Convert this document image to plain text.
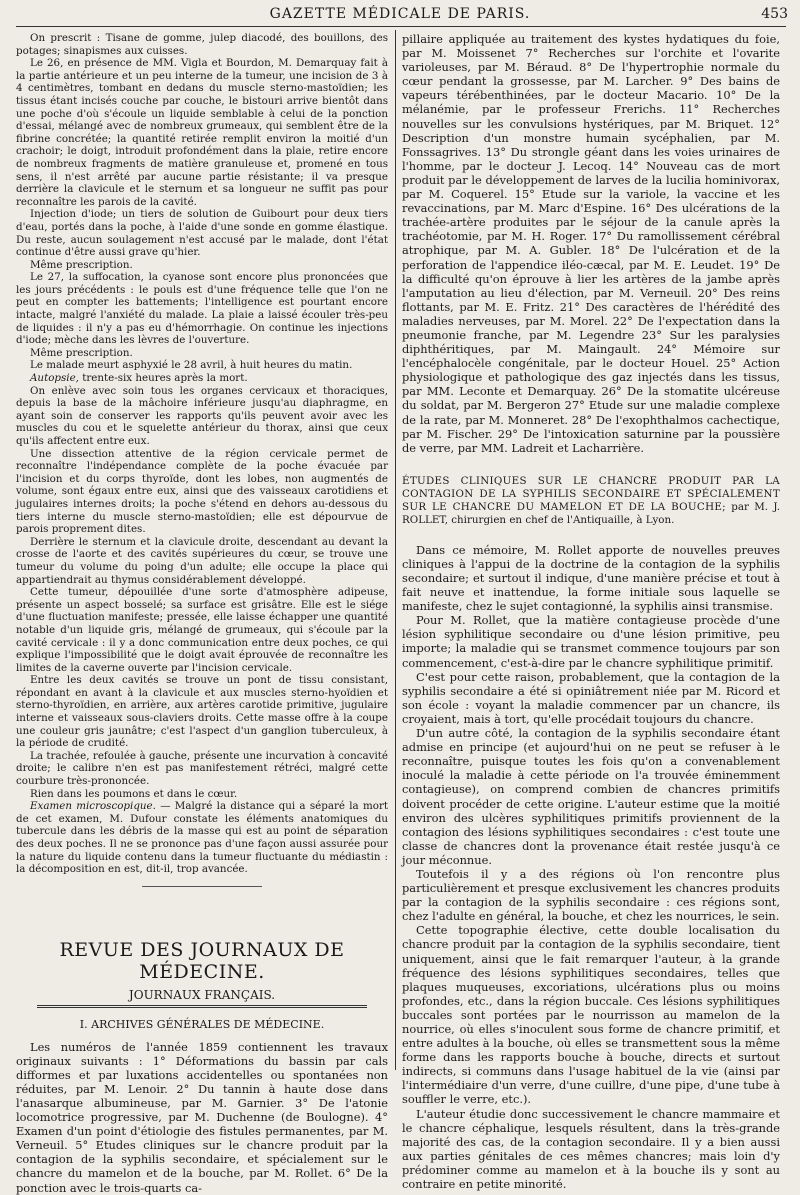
GAZETTE MÉDICALE DE PARIS.	453

On prescrit : Tisane de gomme, julep diacodé, des bouillons, des potages; sinapismes aux cuisses.

Le 26, en présence de MM. Vigla et Bourdon, M. Demarquay fait à la partie antérieure et un peu interne de la tumeur, une incision de 3 à 4 centimètres, tombant en dedans du muscle sterno-mastoïdien; les tissus étant incisés couche par couche, le bistouri arrive bientôt dans une poche d'où s'écoule un liquide semblable à celui de la ponction d'essai, mélangé avec de nombreux grumeaux, qui semblent être de la fibrine concrétée; la quantité retirée remplit environ la moitié d'un crachoir; le doigt, introduit profondément dans la plaie, retire encore de nombreux fragments de matière granuleuse et, promené en tous sens, il n'est arrêté par aucune partie résistante; il va presque derrière la clavicule et le sternum et sa longueur ne suffit pas pour reconnaître les parois de la cavité.

Injection d'iode; un tiers de solution de Guibourt pour deux tiers d'eau, portés dans la poche, à l'aide d'une sonde en gomme élastique. Du reste, aucun soulagement n'est accusé par le malade, dont l'état continue d'être aussi grave qu'hier.

Même prescription.

Le 27, la suffocation, la cyanose sont encore plus prononcées que les jours précédents : le pouls est d'une fréquence telle que l'on ne peut en compter les battements; l'intelligence est pourtant encore intacte, malgré l'anxiété du malade. La plaie a laissé écouler très-peu de liquides : il n'y a pas eu d'hémorrhagie. On continue les injections d'iode; mèche dans les lèvres de l'ouverture.

Même prescription.

Le malade meurt asphyxié le 28 avril, à huit heures du matin.

Autopsie, trente-six heures après la mort.

On enlève avec soin tous les organes cervicaux et thoraciques, depuis la base de la mâchoire inférieure jusqu'au diaphragme, en ayant soin de conserver les rapports qu'ils peuvent avoir avec les muscles du cou et le squelette antérieur du thorax, ainsi que ceux qu'ils affectent entre eux.

Une dissection attentive de la région cervicale permet de reconnaître l'indépendance complète de la poche évacuée par l'incision et du corps thyroïde, dont les lobes, non augmentés de volume, sont égaux entre eux, ainsi que des vaisseaux carotidiens et jugulaires internes droits; la poche s'étend en dehors au-dessous du tiers interne du muscle sterno-mastoïdien; elle est dépourvue de parois proprement dites.

Derrière le sternum et la clavicule droite, descendant au devant la crosse de l'aorte et des cavités supérieures du cœur, se trouve une tumeur du volume du poing d'un adulte; elle occupe la place qui appartiendrait au thymus considérablement développé.

Cette tumeur, dépouillée d'une sorte d'atmosphère adipeuse, présente un aspect bosselé; sa surface est grisâtre. Elle est le siége d'une fluctuation manifeste; pressée, elle laisse échapper une quantité notable d'un liquide gris, mélangé de grumeaux, qui s'écoule par la cavité cervicale : il y a donc communication entre deux poches, ce qui explique l'impossibilité que le doigt avait éprouvée de reconnaître les limites de la caverne ouverte par l'incision cervicale.

Entre les deux cavités se trouve un pont de tissu consistant, répondant en avant à la clavicule et aux muscles sterno-hyoïdien et sterno-thyroïdien, en arrière, aux artères carotide primitive, jugulaire interne et vaisseaux sous-claviers droits. Cette masse offre à la coupe une couleur gris jaunâtre; c'est l'aspect d'un ganglion tuberculeux, à la période de crudité.

La trachée, refoulée à gauche, présente une incurvation à concavité droite; le calibre n'en est pas manifestement rétréci, malgré cette courbure très-prononcée.

Rien dans les poumons et dans le cœur.

Examen microscopique. — Malgré la distance qui a séparé la mort de cet examen, M. Dufour constate les éléments anatomiques du tubercule dans les débris de la masse qui est au point de séparation des deux poches. Il ne se prononce pas d'une façon aussi assurée pour la nature du liquide contenu dans la tumeur fluctuante du médiastin : la décomposition en est, dit-il, trop avancée.

REVUE DES JOURNAUX DE MÉDECINE.
JOURNAUX FRANÇAIS.
I. ARCHIVES GÉNÉRALES DE MÉDECINE.

Les numéros de l'année 1859 contiennent les travaux originaux suivants : 1° Déformations du bassin par cals difformes et par luxations accidentelles ou spontanées non réduites, par M. Lenoir. 2° Du tannin à haute dose dans l'anasarque albumineuse, par M. Garnier. 3° De l'atonie locomotrice progressive, par M. Duchenne (de Boulogne). 4° Examen d'un point d'étiologie des fistules permanentes, par M. Verneuil. 5° Etudes cliniques sur le chancre produit par la contagion de la syphilis secondaire, et spécialement sur le chancre du mamelon et de la bouche, par M. Rollet. 6° De la ponction avec le trois-quarts ca-

pillaire appliquée au traitement des kystes hydatiques du foie, par M. Moissenet 7° Recherches sur l'orchite et l'ovarite varioleuses, par M. Béraud. 8° De l'hypertrophie normale du cœur pendant la grossesse, par M. Larcher. 9° Des bains de vapeurs térébenthinées, par le docteur Macario. 10° De la mélanémie, par le professeur Frerichs. 11° Recherches nouvelles sur les convulsions hystériques, par M. Briquet. 12° Description d'un monstre humain sycéphalien, par M. Fonssagrives. 13° Du strongle géant dans les voies urinaires de l'homme, par le docteur J. Lecoq. 14° Nouveau cas de mort produit par le développement de larves de la lucilia hominivorax, par M. Coquerel. 15° Etude sur la variole, la vaccine et les revaccinations, par M. Marc d'Espine. 16° Des ulcérations de la trachée-artère produites par le séjour de la canule après la trachéotomie, par M. H. Roger. 17° Du ramollissement cérébral atrophique, par M. A. Gubler. 18° De l'ulcération et de la perforation de l'appendice iléo-cæcal, par M. E. Leudet. 19° De la difficulté qu'on éprouve à lier les artères de la jambe après l'amputation au lieu d'élection, par M. Verneuil. 20° Des reins flottants, par M. E. Fritz. 21° Des caractères de l'hérédité des maladies nerveuses, par M. Morel. 22° De l'expectation dans la pneumonie franche, par M. Legendre 23° Sur les paralysies diphthéritiques, par M. Maingault. 24° Mémoire sur l'encéphalocèle congénitale, par le docteur Houel. 25° Action physiologique et pathologique des gaz injectés dans les tissus, par MM. Leconte et Demarquay. 26° De la stomatite ulcéreuse du soldat, par M. Bergeron 27° Etude sur une maladie complexe de la rate, par M. Monneret. 28° De l'exophthalmos cachectique, par M. Fischer. 29° De l'intoxication saturnine par la poussière de verre, par MM. Ladreit et Lacharrière.

ÉTUDES CLINIQUES SUR LE CHANCRE PRODUIT PAR LA CONTAGION DE LA SYPHILIS SECONDAIRE ET SPÉCIALEMENT SUR LE CHANCRE DU MAMELON ET DE LA BOUCHE; par M. J. ROLLET, chirurgien en chef de l'Antiquaille, à Lyon.

Dans ce mémoire, M. Rollet apporte de nouvelles preuves cliniques à l'appui de la doctrine de la contagion de la syphilis secondaire; et surtout il indique, d'une manière précise et tout à fait neuve et inattendue, la forme initiale sous laquelle se manifeste, chez le sujet contagionné, la syphilis ainsi transmise.

Pour M. Rollet, que la matière contagieuse procède d'une lésion syphilitique secondaire ou d'une lésion primitive, peu importe; la maladie qui se transmet commence toujours par son commencement, c'est-à-dire par le chancre syphilitique primitif.

C'est pour cette raison, probablement, que la contagion de la syphilis secondaire a été si opiniâtrement niée par M. Ricord et son école : voyant la maladie commencer par un chancre, ils croyaient, mais à tort, qu'elle procédait toujours du chancre.

D'un autre côté, la contagion de la syphilis secondaire étant admise en principe (et aujourd'hui on ne peut se refuser à le reconnaître, puisque toutes les fois qu'on a convenablement inoculé la maladie à cette période on l'a trouvée éminemment contagieuse), on comprend combien de chancres primitifs doivent procéder de cette origine. L'auteur estime que la moitié environ des ulcères syphilitiques primitifs proviennent de la contagion des lésions syphilitiques secondaires : c'est toute une classe de chancres dont la provenance était restée jusqu'à ce jour méconnue.

Toutefois il y a des régions où l'on rencontre plus particulièrement et presque exclusivement les chancres produits par la contagion de la syphilis secondaire : ces régions sont, chez l'adulte en général, la bouche, et chez les nourrices, le sein.

Cette topographie élective, cette double localisation du chancre produit par la contagion de la syphilis secondaire, tient uniquement, ainsi que le fait remarquer l'auteur, à la grande fréquence des lésions syphilitiques secondaires, telles que plaques muqueuses, excoriations, ulcérations plus ou moins profondes, etc., dans la région buccale. Ces lésions syphilitiques buccales sont portées par le nourrisson au mamelon de la nourrice, où elles s'inoculent sous forme de chancre primitif, et entre adultes à la bouche, où elles se transmettent sous la même forme dans les rapports bouche à bouche, directs et surtout indirects, si communs dans l'usage habituel de la vie (ainsi par l'intermédiaire d'un verre, d'une cuillre, d'une pipe, d'une tube à souffler le verre, etc.).

L'auteur étudie donc successivement le chancre mammaire et le chancre céphalique, lesquels résultent, dans la très-grande majorité des cas, de la contagion secondaire. Il y a bien aussi aux parties génitales de ces mêmes chancres; mais loin d'y prédominer comme au mamelon et à la bouche ils y sont au contraire en petite minorité.
